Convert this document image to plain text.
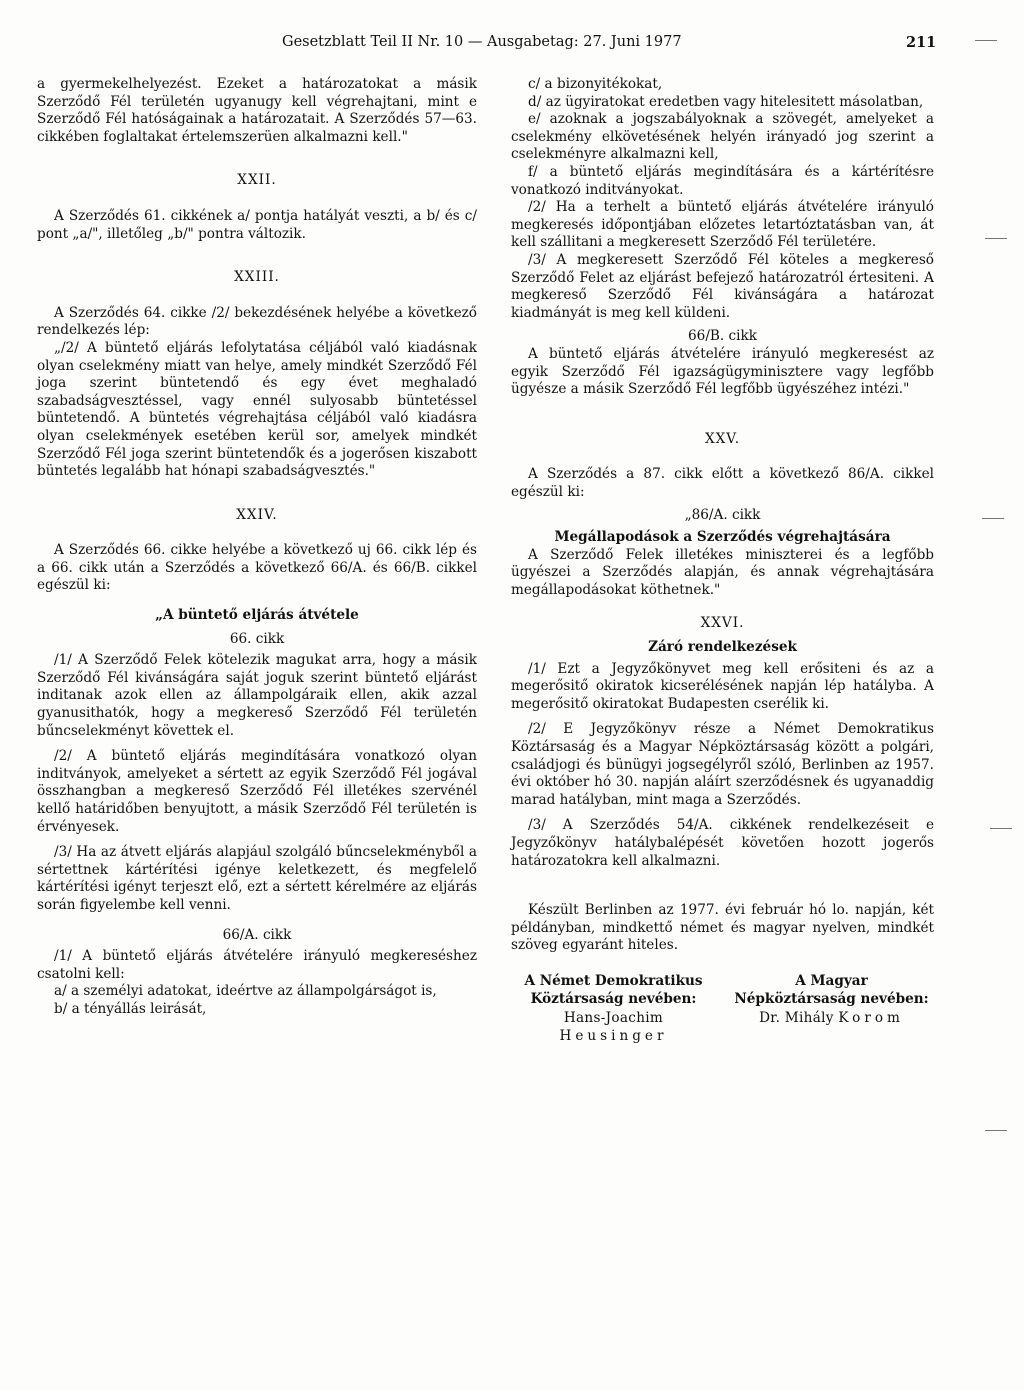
Gesetzblatt Teil II Nr. 10 — Ausgabetag: 27. Juni 1977	211

a gyermekelhelyezést. Ezeket a határozatokat a másik Szerződő Fél területén ugyanugy kell végrehajtani, mint e Szerződő Fél hatóságainak a határozatait. A Szerződés 57—63. cikkében foglaltakat értelemszerüen alkalmazni kell."

XXII.

A Szerződés 61. cikkének a/ pontja hatályát veszti, a b/ és c/ pont „a/", illetőleg „b/" pontra változik.

XXIII.

A Szerződés 64. cikke /2/ bekezdésének helyébe a következő rendelkezés lép:

„/2/ A büntető eljárás lefolytatása céljából való kiadásnak olyan cselekmény miatt van helye, amely mindkét Szerződő Fél joga szerint büntetendő és egy évet meghaladó szabadságvesztéssel, vagy ennél sulyosabb büntetéssel büntetendő. A büntetés végrehajtása céljából való kiadásra olyan cselekmények esetében kerül sor, amelyek mindkét Szerződő Fél joga szerint büntetendők és a jogerősen kiszabott büntetés legalább hat hónapi szabadságvesztés."

XXIV.

A Szerződés 66. cikke helyébe a következő uj 66. cikk lép és a 66. cikk után a Szerződés a következő 66/A. és 66/B. cikkel egészül ki:

„A büntető eljárás átvétele

66. cikk

/1/ A Szerződő Felek kötelezik magukat arra, hogy a másik Szerződő Fél kivánságára saját joguk szerint büntető eljárást inditanak azok ellen az állampolgáraik ellen, akik azzal gyanusithatók, hogy a megkereső Szerződő Fél területén bűncselekményt követtek el.

/2/ A büntető eljárás megindítására vonatkozó olyan inditványok, amelyeket a sértett az egyik Szerződő Fél jogával összhangban a megkereső Szerződő Fél illetékes szervénél kellő határidőben benyujtott, a másik Szerződő Fél területén is érvényesek.

/3/ Ha az átvett eljárás alapjául szolgáló bűncselekményből a sértettnek kártérítési igénye keletkezett, és megfelelő kártérítési igényt terjeszt elő, ezt a sértett kérelmére az eljárás során figyelembe kell venni.

66/A. cikk

/1/ A büntető eljárás átvételére irányuló megkereséshez csatolni kell:

a/ a személyi adatokat, ideértve az állampolgárságot is,

b/ a tényállás leirását,

c/ a bizonyitékokat,

d/ az ügyiratokat eredetben vagy hitelesitett másolatban,

e/ azoknak a jogszabályoknak a szövegét, amelyeket a cselekmény elkövetésének helyén irányadó jog szerint a cselekményre alkalmazni kell,

f/ a büntető eljárás megindítására és a kártérítésre vonatkozó inditványokat.

/2/ Ha a terhelt a büntető eljárás átvételére irányuló megkeresés időpontjában előzetes letartóztatásban van, át kell szállitani a megkeresett Szerződő Fél területére.

/3/ A megkeresett Szerződő Fél köteles a megkereső Szerződő Felet az eljárást befejező határozatról értesiteni. A megkereső Szerződő Fél kivánságára a határozat kiadmányát is meg kell küldeni.

66/B. cikk

A büntető eljárás átvételére irányuló megkeresést az egyik Szerződő Fél igazságügyminisztere vagy legfőbb ügyésze a másik Szerződő Fél legfőbb ügyészéhez intézi."

XXV.

A Szerződés a 87. cikk előtt a következő 86/A. cikkel egészül ki:

„86/A. cikk

Megállapodások a Szerződés végrehajtására

A Szerződő Felek illetékes miniszterei és a legfőbb ügyészei a Szerződés alapján, és annak végrehajtására megállapodásokat köthetnek."

XXVI.

Záró rendelkezések

/1/ Ezt a Jegyzőkönyvet meg kell erősiteni és az a megerősitő okiratok kicserélésének napján lép hatályba. A megerősitő okiratokat Budapesten cserélik ki.

/2/ E Jegyzőkönyv része a Német Demokratikus Köztársaság és a Magyar Népköztársaság között a polgári, családjogi és bünügyi jogsegélyről szóló, Berlinben az 1957. évi október hó 30. napján aláírt szerződésnek és ugyanaddig marad hatályban, mint maga a Szerződés.

/3/ A Szerződés 54/A. cikkének rendelkezéseit e Jegyzőkönyv hatálybalépését követően hozott jogerős határozatokra kell alkalmazni.

Készült Berlinben az 1977. évi február hó lo. napján, két példányban, mindkettő német és magyar nyelven, mindkét szöveg egyaránt hiteles.

A Német Demokratikus
Köztársaság nevében:
Hans-Joachim Heusinger
A Magyar
Népköztársaság nevében:
Dr. Mihály Korom
